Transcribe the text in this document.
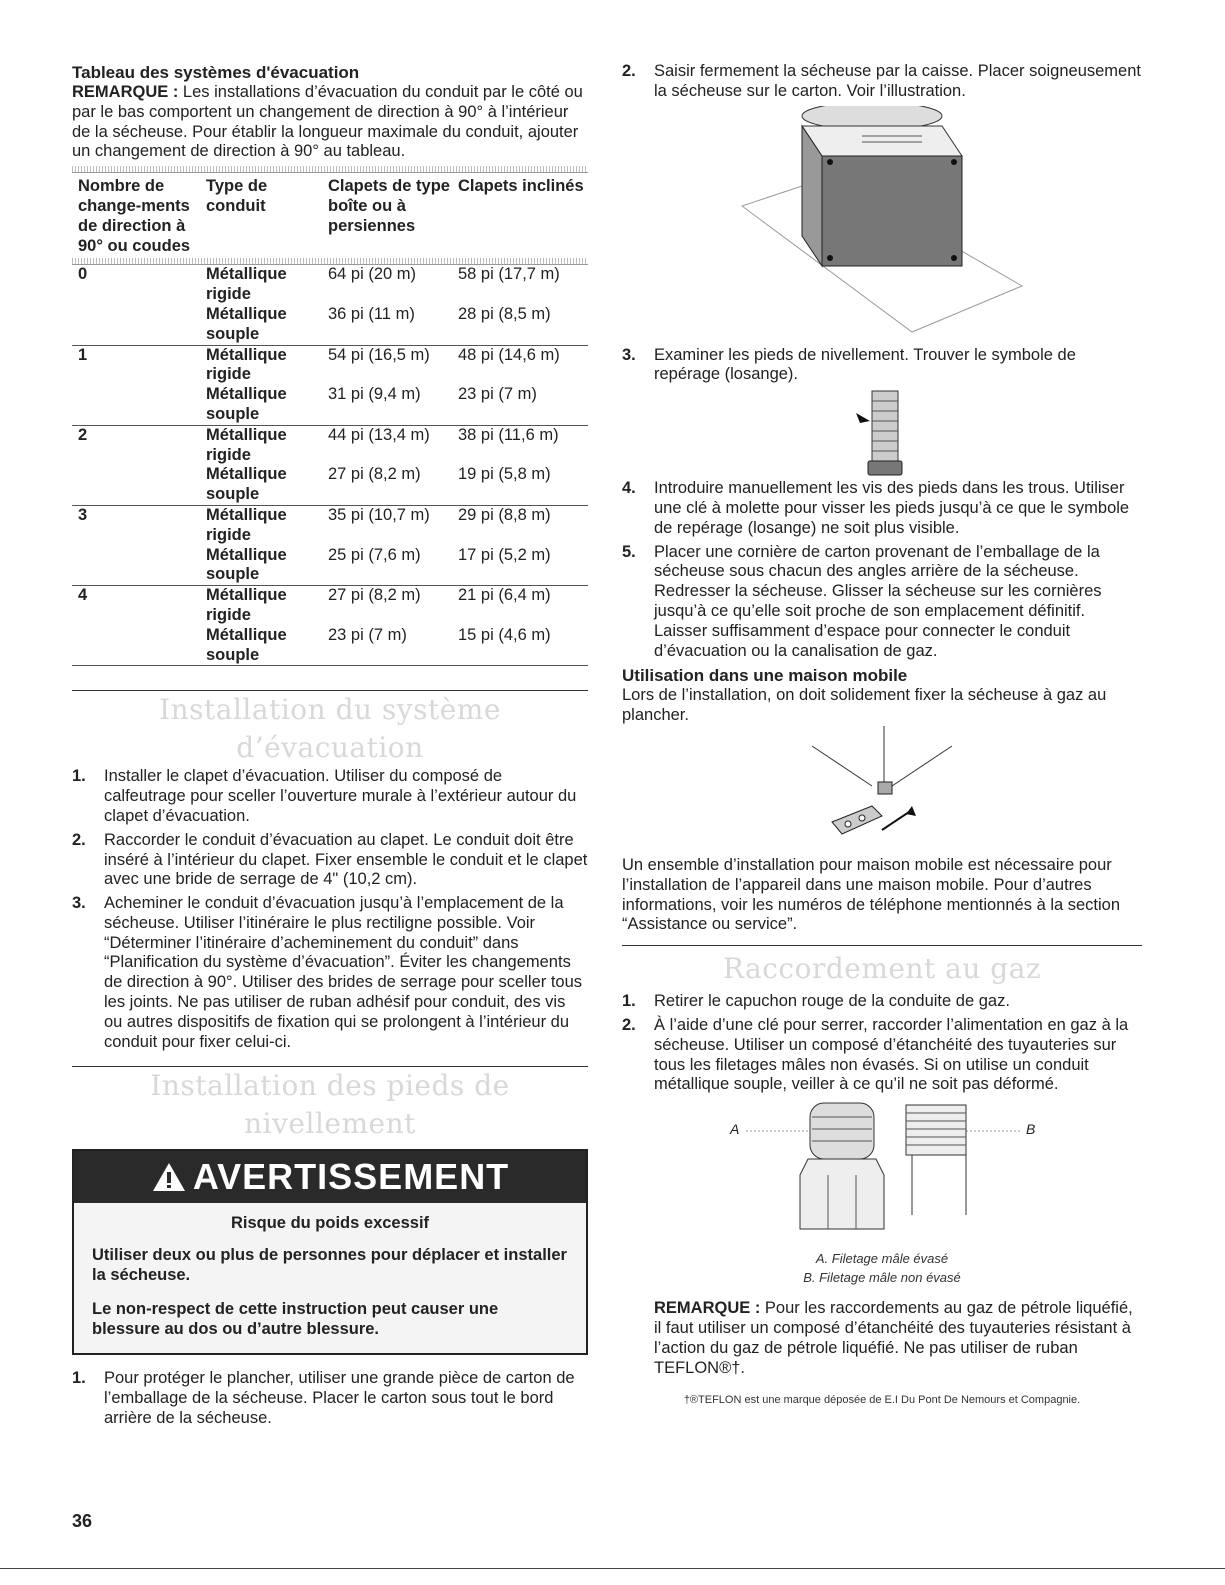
Tableau des systèmes d'évacuation

REMARQUE : Les installations d’évacuation du conduit par le côté ou par le bas comportent un changement de direction à 90° à l’intérieur de la sécheuse. Pour établir la longueur maximale du conduit, ajouter un changement de direction à 90° au tableau.

Nombre de change-ments de direction à 90° ou coudes	Type de conduit	Clapets de type boîte ou à persiennes	Clapets inclinés

0	Métallique rigide	64 pi (20 m)	58 pi (17,7 m)
	Métallique souple	36 pi (11 m)	28 pi (8,5 m)
1	Métallique rigide	54 pi (16,5 m)	48 pi (14,6 m)
	Métallique souple	31 pi (9,4 m)	23 pi (7 m)
2	Métallique rigide	44 pi (13,4 m)	38 pi (11,6 m)
	Métallique souple	27 pi (8,2 m)	19 pi (5,8 m)
3	Métallique rigide	35 pi (10,7 m)	29 pi (8,8 m)
	Métallique souple	25 pi (7,6 m)	17 pi (5,2 m)
4	Métallique rigide	27 pi (8,2 m)	21 pi (6,4 m)
	Métallique souple	23 pi (7 m)	15 pi (4,6 m)
Installation du système d’évacuation
1. Installer le clapet d’évacuation. Utiliser du composé de calfeutrage pour sceller l’ouverture murale à l’extérieur autour du clapet d’évacuation.
2. Raccorder le conduit d’évacuation au clapet. Le conduit doit être inséré à l’intérieur du clapet. Fixer ensemble le conduit et le clapet avec une bride de serrage de 4" (10,2 cm).
3. Acheminer le conduit d’évacuation jusqu’à l’emplacement de la sécheuse. Utiliser l’itinéraire le plus rectiligne possible. Voir “Déterminer l’itinéraire d’acheminement du conduit” dans “Planification du système d’évacuation”. Éviter les changements de direction à 90°. Utiliser des brides de serrage pour sceller tous les joints. Ne pas utiliser de ruban adhésif pour conduit, des vis ou autres dispositifs de fixation qui se prolongent à l’intérieur du conduit pour fixer celui-ci.
Installation des pieds de nivellement
AVERTISSEMENT

Risque du poids excessif

Utiliser deux ou plus de personnes pour déplacer et installer la sécheuse.

Le non-respect de cette instruction peut causer une blessure au dos ou d’autre blessure.

1. Pour protéger le plancher, utiliser une grande pièce de carton de l’emballage de la sécheuse. Placer le carton sous tout le bord arrière de la sécheuse.
36
2. Saisir fermement la sécheuse par la caisse. Placer soigneusement la sécheuse sur le carton. Voir l’illustration.
3. Examiner les pieds de nivellement. Trouver le symbole de repérage (losange).
4. Introduire manuellement les vis des pieds dans les trous. Utiliser une clé à molette pour visser les pieds jusqu’à ce que le symbole de repérage (losange) ne soit plus visible.
5. Placer une cornière de carton provenant de l’emballage de la sécheuse sous chacun des angles arrière de la sécheuse. Redresser la sécheuse. Glisser la sécheuse sur les cornières jusqu’à ce qu’elle soit proche de son emplacement définitif. Laisser suffisamment d’espace pour connecter le conduit d’évacuation ou la canalisation de gaz.
Utilisation dans une maison mobile

Lors de l’installation, on doit solidement fixer la sécheuse à gaz au plancher.

Un ensemble d’installation pour maison mobile est nécessaire pour l’installation de l’appareil dans une maison mobile. Pour d’autres informations, voir les numéros de téléphone mentionnés à la section “Assistance ou service”.

Raccordement au gaz
1. Retirer le capuchon rouge de la conduite de gaz.
2. À l’aide d’une clé pour serrer, raccorder l’alimentation en gaz à la sécheuse. Utiliser un composé d’étanchéité des tuyauteries sur tous les filetages mâles non évasés. Si on utilise un conduit métallique souple, veiller à ce qu’il ne soit pas déformé.
A	B
A. Filetage mâle évasé
B. Filetage mâle non évasé

REMARQUE : Pour les raccordements au gaz de pétrole liquéfié, il faut utiliser un composé d’étanchéité des tuyauteries résistant à l’action du gaz de pétrole liquéfié. Ne pas utiliser de ruban TEFLON®†.

†®TEFLON est une marque déposée de E.I Du Pont De Nemours et Compagnie.
